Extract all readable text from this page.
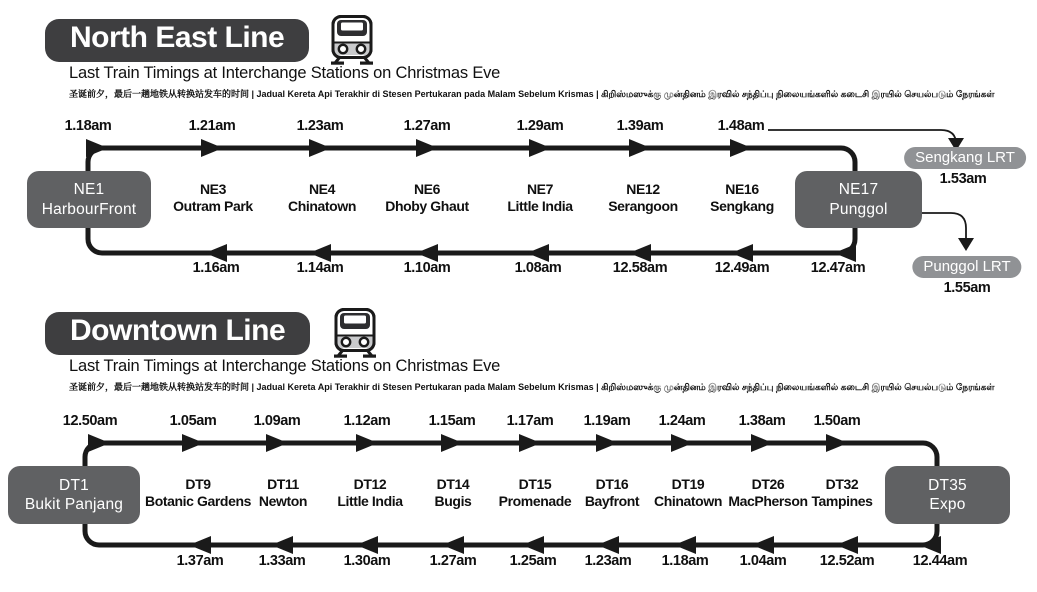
North East Line
Last Train Timings at Interchange Stations on Christmas Eve
圣诞前夕，最后一趟地铁从转换站发车的时间 | Jadual Kereta Api Terakhir di Stesen Pertukaran pada Malam Sebelum Krismas | கிறிஸ்மஸுக்கு முன்தினம் இரவில் சந்திப்பு நிலையங்களில் கடைசி இரயில் செயல்படும் நேரங்கள்
1.18am	1.21am	1.23am	1.27am	1.29am	1.39am	1.48am
NE3
Outram Park
NE4
Chinatown
NE6
Dhoby Ghaut
NE7
Little India
NE12
Serangoon
NE16
Sengkang
NE1
HarbourFront
NE17
Punggol
1.16am	1.14am	1.10am	1.08am	12.58am	12.49am	12.47am
Sengkang LRT
1.53am
Punggol LRT
1.55am
Downtown Line
Last Train Timings at Interchange Stations on Christmas Eve
圣诞前夕，最后一趟地铁从转换站发车的时间 | Jadual Kereta Api Terakhir di Stesen Pertukaran pada Malam Sebelum Krismas | கிறிஸ்மஸுக்கு முன்தினம் இரவில் சந்திப்பு நிலையங்களில் கடைசி இரயில் செயல்படும் நேரங்கள்
12.50am	1.05am	1.09am	1.12am	1.15am 1.17am 1.19am 1.24am 1.38am 1.50am
DT9
Botanic Gardens
DT11
Newton
DT12
Little India
DT14
Bugis
DT15
Promenade
DT16
Bayfront
DT19
Chinatown
DT26
MacPherson
DT32
Tampines
DT1
Bukit Panjang
DT35
Expo
1.37am 1.33am	1.30am	1.27am 1.25am 1.23am 1.18am 1.04am 12.52am	12.44am
